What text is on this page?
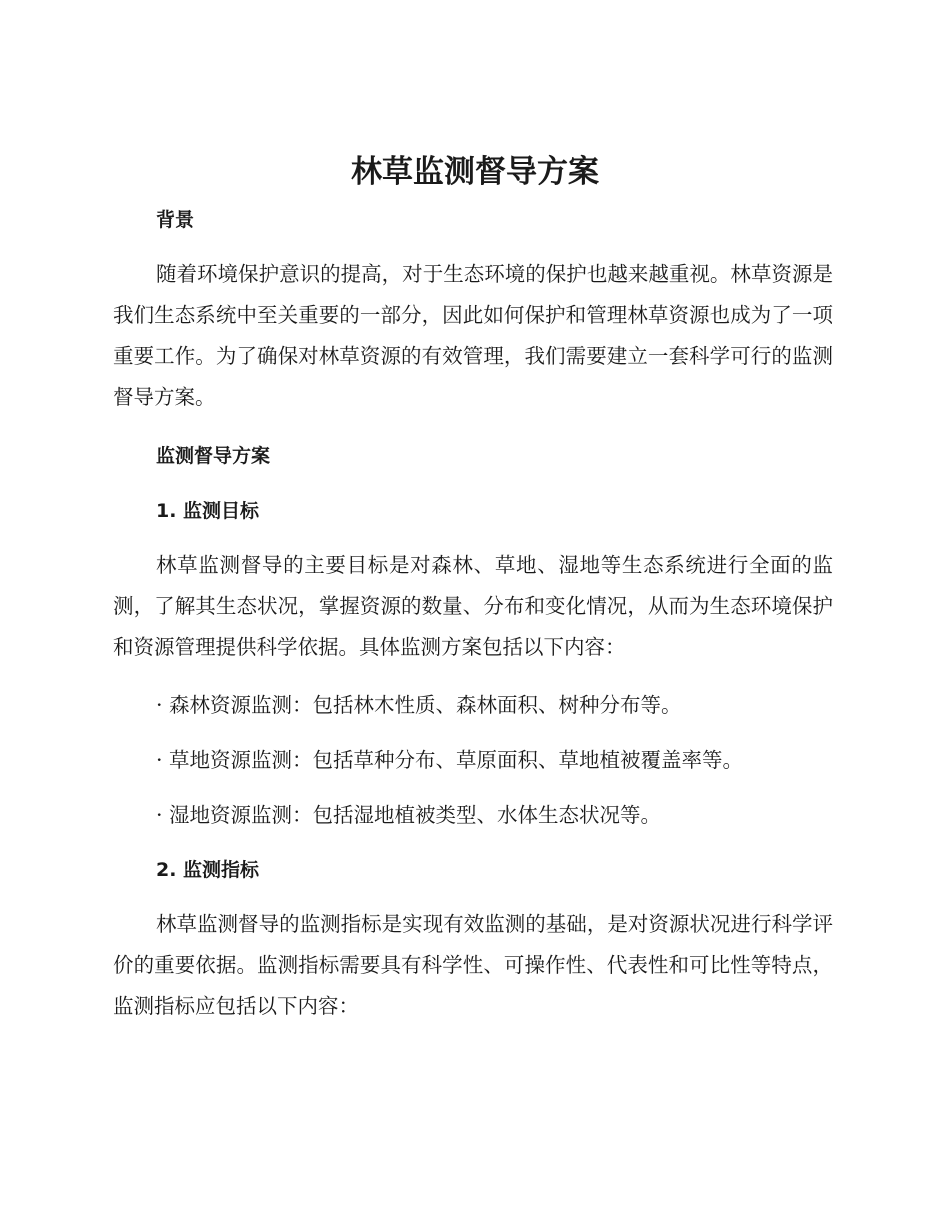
林草监测督导方案
背景

随着环境保护意识的提高，对于生态环境的保护也越来越重视。林草资源是我们生态系统中至关重要的一部分，因此如何保护和管理林草资源也成为了一项重要工作。为了确保对林草资源的有效管理，我们需要建立一套科学可行的监测督导方案。

监测督导方案
1. 监测目标

林草监测督导的主要目标是对森林、草地、湿地等生态系统进行全面的监测，了解其生态状况，掌握资源的数量、分布和变化情况，从而为生态环境保护和资源管理提供科学依据。具体监测方案包括以下内容：

· 森林资源监测：包括林木性质、森林面积、树种分布等。

· 草地资源监测：包括草种分布、草原面积、草地植被覆盖率等。

· 湿地资源监测：包括湿地植被类型、水体生态状况等。

2. 监测指标

林草监测督导的监测指标是实现有效监测的基础，是对资源状况进行科学评价的重要依据。监测指标需要具有科学性、可操作性、代表性和可比性等特点，监测指标应包括以下内容：
